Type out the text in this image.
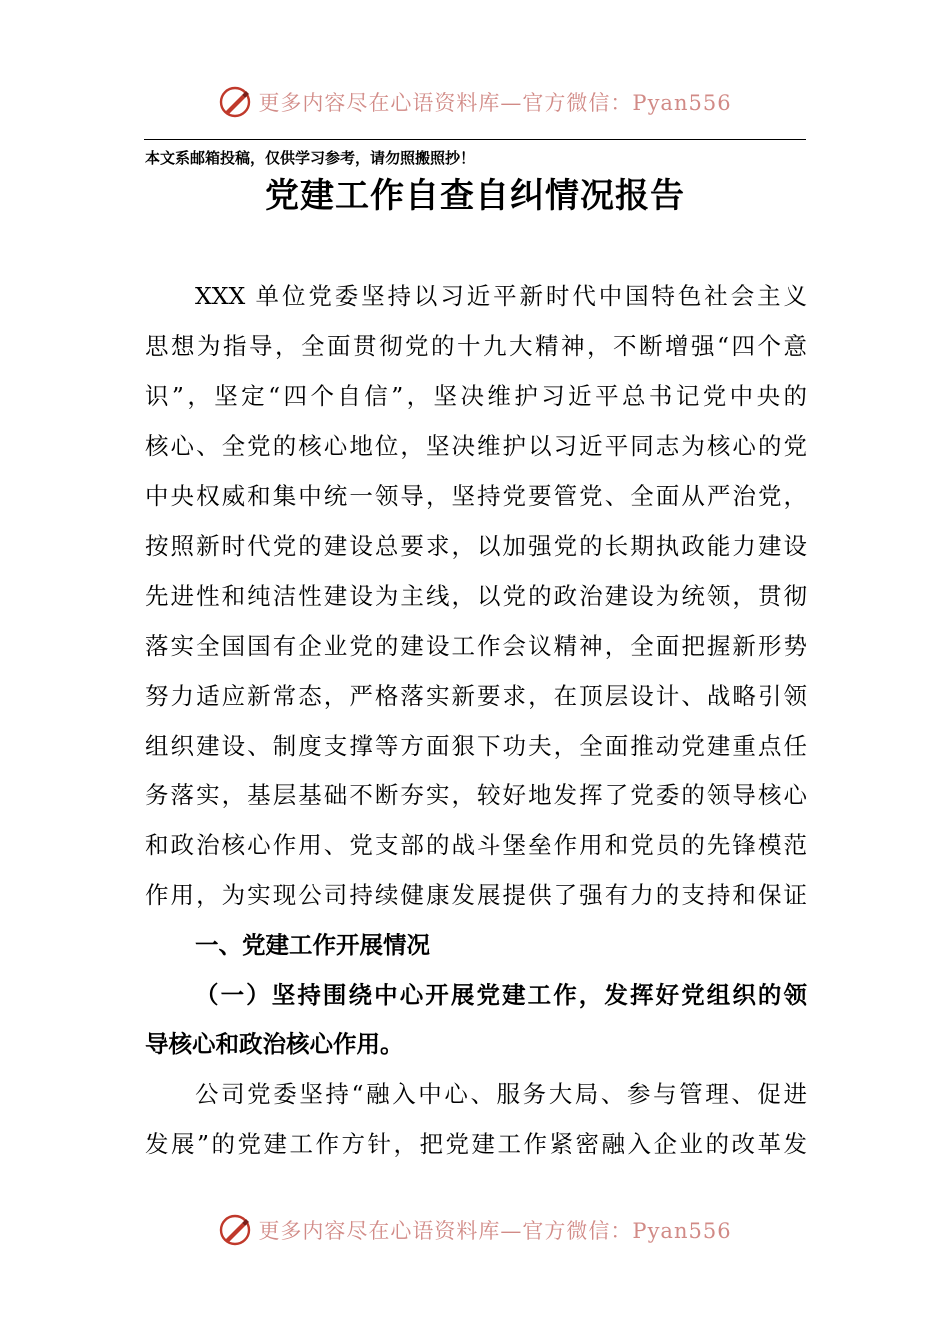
更多内容尽在心语资料库—官方微信：Pyan556
本文系邮箱投稿，仅供学习参考，请勿照搬照抄！
党建工作自查自纠情况报告
XXX 单位党委坚持以习近平新时代中国特色社会主义
思想为指导，全面贯彻党的十九大精神，不断增强“四个意
识”，坚定“四个自信”，坚决维护习近平总书记党中央的
核心、全党的核心地位，坚决维护以习近平同志为核心的党
中央权威和集中统一领导，坚持党要管党、全面从严治党，
按照新时代党的建设总要求，以加强党的长期执政能力建设
先进性和纯洁性建设为主线，以党的政治建设为统领，贯彻
落实全国国有企业党的建设工作会议精神，全面把握新形势
努力适应新常态，严格落实新要求，在顶层设计、战略引领
组织建设、制度支撑等方面狠下功夫，全面推动党建重点任
务落实，基层基础不断夯实，较好地发挥了党委的领导核心
和政治核心作用、党支部的战斗堡垒作用和党员的先锋模范
作用，为实现公司持续健康发展提供了强有力的支持和保证
一、党建工作开展情况
（一）坚持围绕中心开展党建工作，发挥好党组织的领
导核心和政治核心作用。
公司党委坚持“融入中心、服务大局、参与管理、促进
发展”的党建工作方针，把党建工作紧密融入企业的改革发
更多内容尽在心语资料库—官方微信：Pyan556
